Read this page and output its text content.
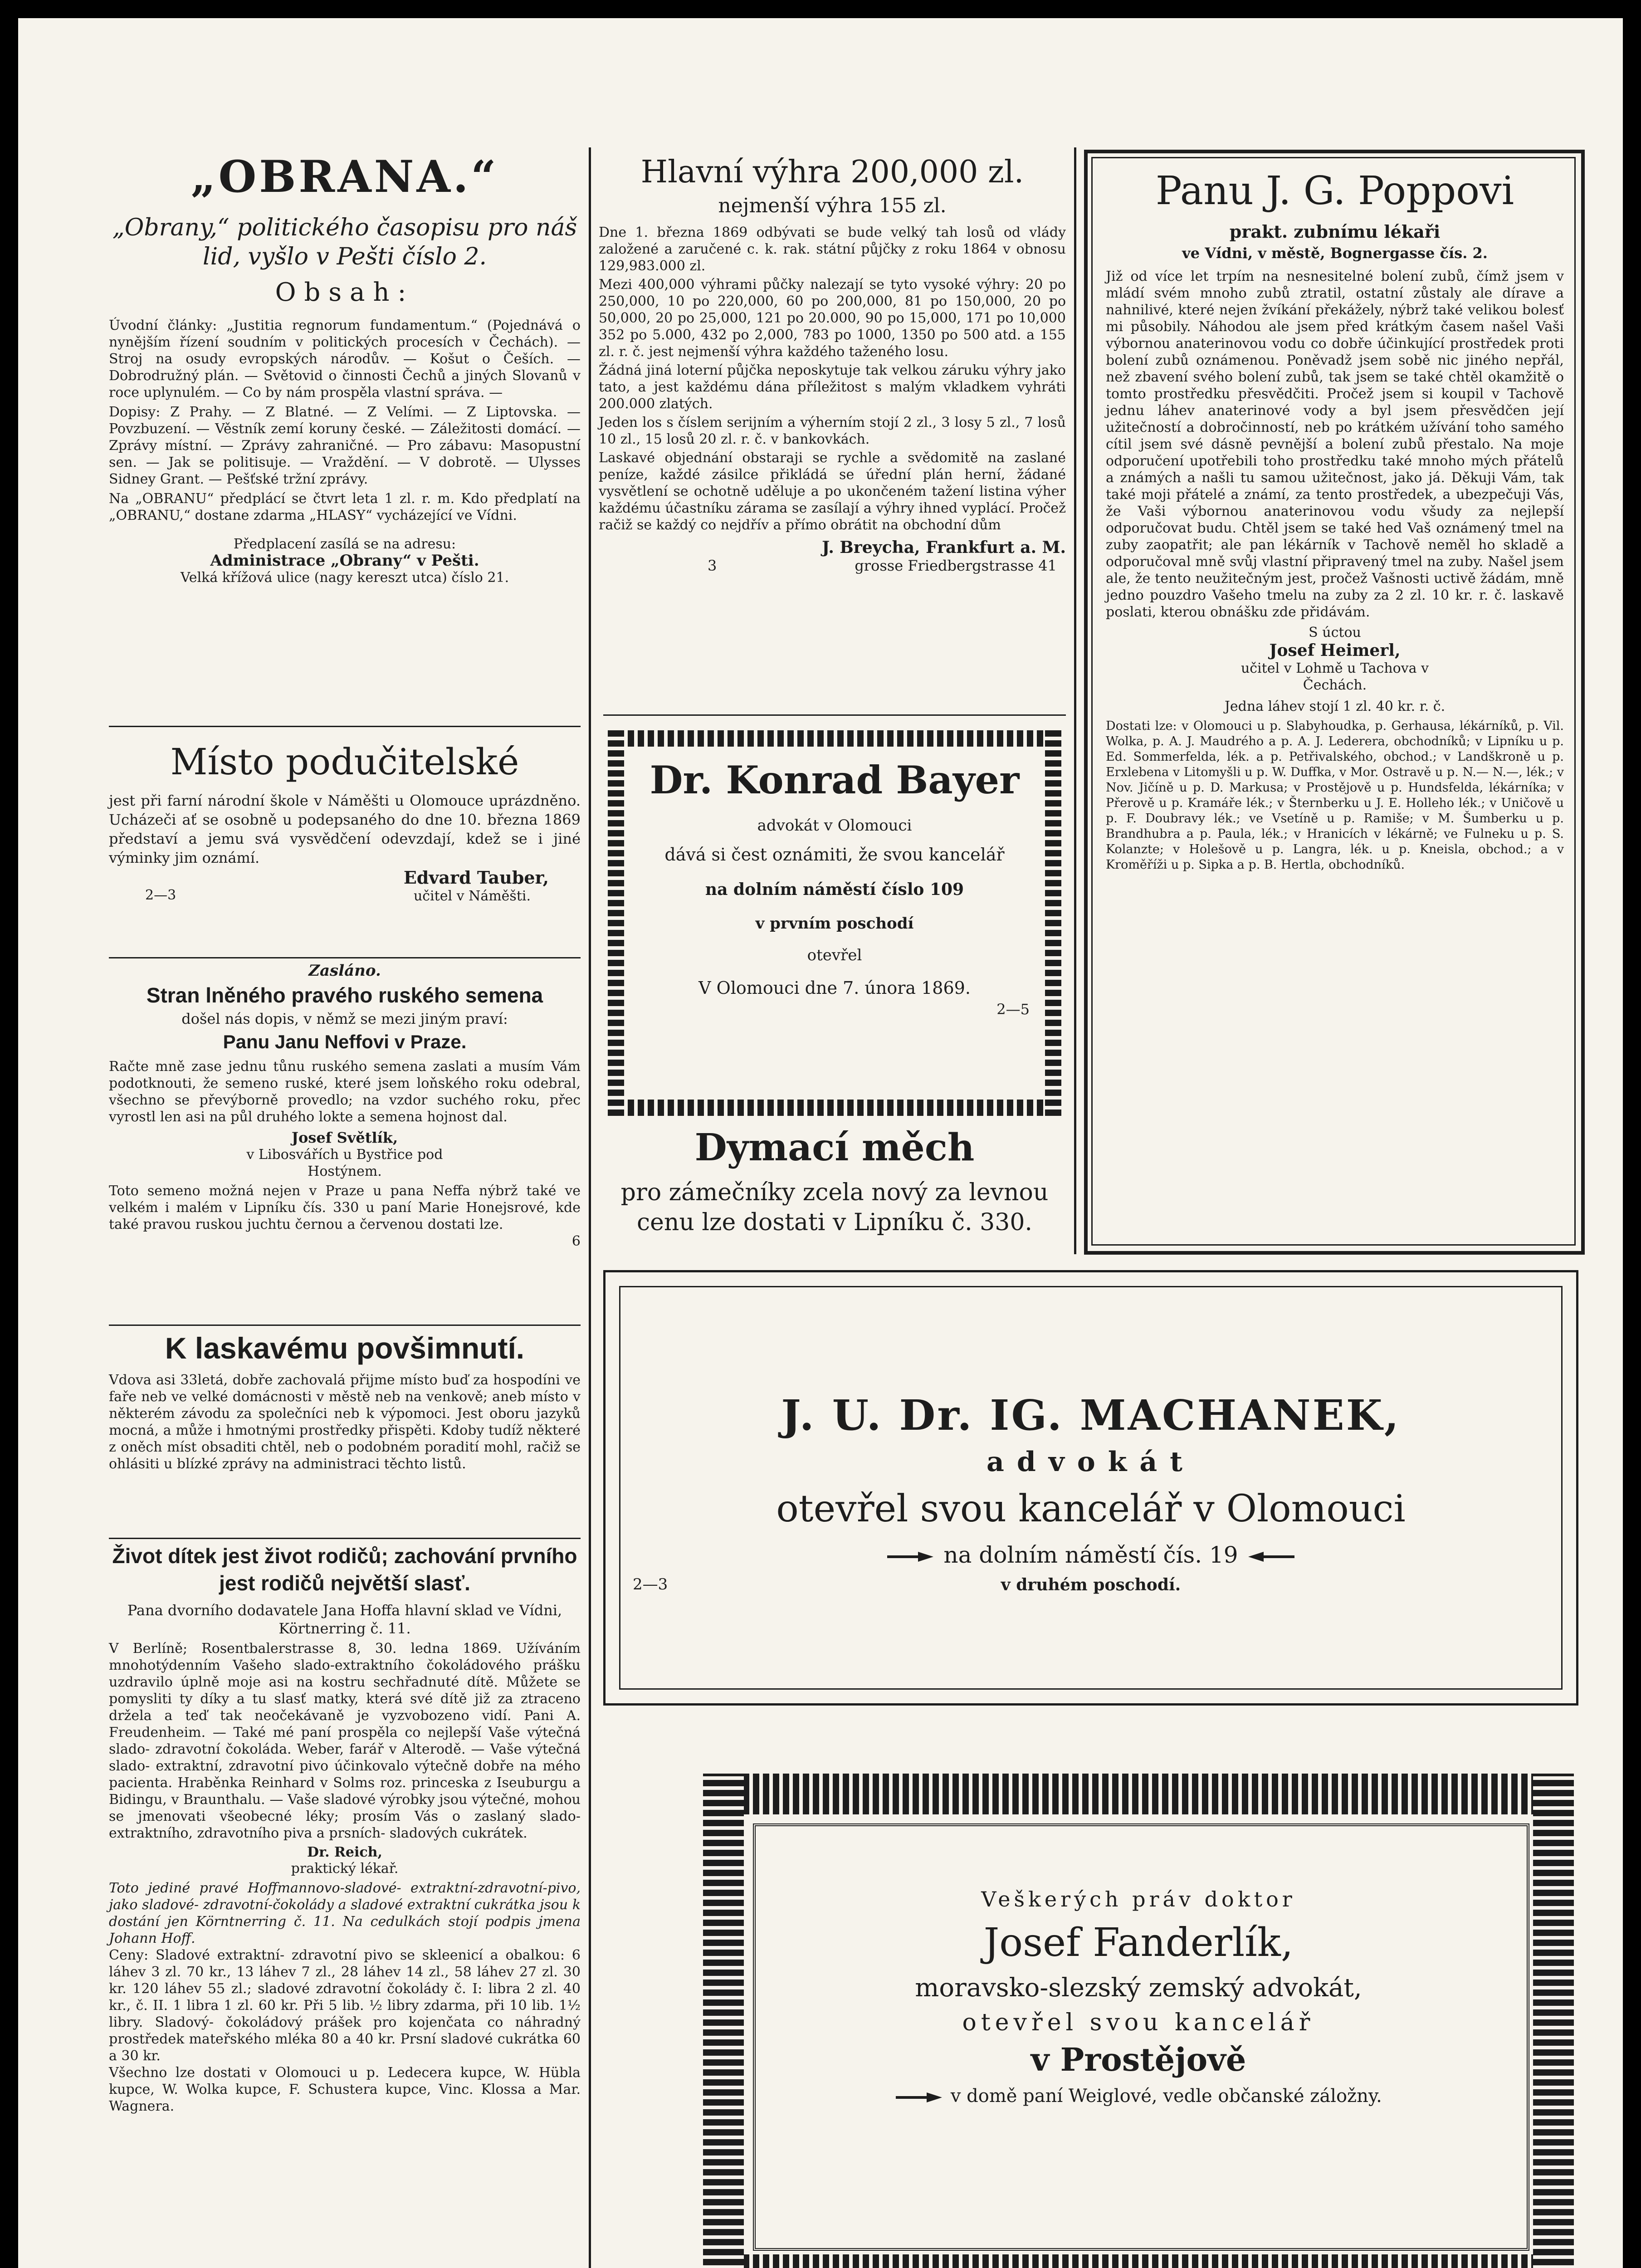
„OBRANA.“
„Obrany,“ politického časopisu pro náš lid, vyšlo v Pešti číslo 2.
Obsah:

Úvodní články: „Justitia regnorum fundamentum.“ (Pojednává o nynějším řízení soudním v politických procesích v Čechách). — Stroj na osudy evropských národův. — Košut o Češích. — Dobrodružný plán. — Světovid o činnosti Čechů a jiných Slovanů v roce uplynulém. — Co by nám prospěla vlastní správa. —

Dopisy: Z Prahy. — Z Blatné. — Z Velími. — Z Liptovska. — Povzbuzení. — Věstník zemí koruny české. — Záležitosti domácí. — Zprávy místní. — Zprávy zahraničné. — Pro zábavu: Masopustní sen. — Jak se politisuje. — Vraždění. — V dobrotě. — Ulysses Sidney Grant. — Pešťské tržní zprávy.

Na „OBRANU“ předplácí se čtvrt leta 1 zl. r. m. Kdo předplatí na „OBRANU,“ dostane zdarma „HLASY“ vycházející ve Vídni.

Předplacení zasílá se na adresu:

Administrace „Obrany“ v Pešti.

Velká křížová ulice (nagy kereszt utca) číslo 21.

Místo podučitelské

jest při farní národní škole v Náměšti u Olomouce uprázdněno. Ucházeči ať se osobně u podepsaného do dne 10. března 1869 představí a jemu svá vysvědčení odevzdají, kdež se i jiné výminky jim oznámí.

2—3
Edvard Tauber,
učitel v Náměšti.
Zasláno.
Stran lněného pravého ruského semena

došel nás dopis, v němž se mezi jiným praví:

Panu Janu Neffovi v Praze.

Račte mně zase jednu tůnu ruského semena zaslati a musím Vám podotknouti, že semeno ruské, které jsem loňského roku odebral, všechno se převýborně provedlo; na vzdor suchého roku, přec vyrostl len asi na půl druhého lokte a semena hojnost dal.

Josef Světlík,
v Libosvářích u Bystřice pod Hostýnem.

Toto semeno možná nejen v Praze u pana Neffa nýbrž také ve velkém i malém v Lipníku čís. 330 u paní Marie Honejsrové, kde také pravou ruskou juchtu černou a červenou dostati lze.

6
K laskavému povšimnutí.

Vdova asi 33letá, dobře zachovalá přijme místo buď za hospodíni ve faře neb ve velké domácnosti v městě neb na venkově; aneb místo v některém závodu za společníci neb k výpomoci. Jest oboru jazyků mocná, a může i hmotnými prostředky přispěti. Kdoby tudíž některé z oněch míst obsaditi chtěl, neb o podobném poradití mohl, račiž se ohlásiti u blízké zprávy na administraci těchto listů.

Život dítek jest život rodičů; zachování prvního jest rodičů největší slasť.

Pana dvorního dodavatele Jana Hoffa hlavní sklad ve Vídni, Körtnerring č. 11.

V Berlíně; Rosentbalerstrasse 8, 30. ledna 1869. Užíváním mnohotýdenním Vašeho slado-extraktního čokoládového prášku uzdravilo úplně moje asi na kostru sechřadnuté dítě. Můžete se pomysliti ty díky a tu slasť matky, která své dítě již za ztraceno držela a teď tak neočekávaně je vyzvobozeno vidí. Pani A. Freudenheim. — Také mé paní prospěla co nejlepší Vaše výtečná slado- zdravotní čokoláda. Weber, farář v Alterodě. — Vaše výtečná slado- extraktní, zdravotní pivo účinkovalo výtečně dobře na mého pacienta. Hraběnka Reinhard v Solms roz. princeska z Iseuburgu a Bidingu, v Braunthalu. — Vaše sladové výrobky jsou výtečné, mohou se jmenovati všeobecné léky; prosím Vás o zaslaný slado-extraktního, zdravotního piva a prsních- sladových cukrátek.

Dr. Reich,
praktický lékař.

Toto jediné pravé Hoffmannovo-sladové- extraktní-zdravotní-pivo, jako sladové- zdravotní-čokolády a sladové extraktní cukrátka jsou k dostání jen Körntnerring č. 11. Na cedulkách stojí podpis jmena Johann Hoff.

Ceny: Sladové extraktní- zdravotní pivo se skleenicí a obalkou: 6 láhev 3 zl. 70 kr., 13 láhev 7 zl., 28 láhev 14 zl., 58 láhev 27 zl. 30 kr. 120 láhev 55 zl.; sladové zdravotní čokolády č. I: libra 2 zl. 40 kr., č. II. 1 libra 1 zl. 60 kr. Při 5 lib. ½ libry zdarma, při 10 lib. 1½ libry. Sladový- čokoládový prášek pro kojenčata co náhradný prostředek mateřského mléka 80 a 40 kr. Prsní sladové cukrátka 60 a 30 kr.

Všechno lze dostati v Olomouci u p. Ledecera kupce, W. Hübla kupce, W. Wolka kupce, F. Schustera kupce, Vinc. Klossa a Mar. Wagnera.

Hlavní výhra 200,000 zl.
nejmenší výhra 155 zl.

Dne 1. března 1869 odbývati se bude velký tah losů od vlády založené a zaručené c. k. rak. státní půjčky z roku 1864 v obnosu 129,983.000 zl.

Mezi 400,000 výhrami půčky nalezají se tyto vysoké výhry: 20 po 250,000, 10 po 220,000, 60 po 200,000, 81 po 150,000, 20 po 50,000, 20 po 25,000, 121 po 20.000, 90 po 15,000, 171 po 10,000 352 po 5.000, 432 po 2,000, 783 po 1000, 1350 po 500 atd. a 155 zl. r. č. jest nejmenší výhra každého taženého losu.

Žádná jiná loterní půjčka neposkytuje tak velkou záruku výhry jako tato, a jest každému dána příležitost s malým vkladkem vyhráti 200.000 zlatých.

Jeden los s číslem serijním a výherním stojí 2 zl., 3 losy 5 zl., 7 losů 10 zl., 15 losů 20 zl. r. č. v bankovkách.

Laskavé objednání obstaraji se rychle a svědomitě na zaslané peníze, každé zásilce přikládá se úřední plán herní, žádané vysvětlení se ochotně uděluje a po ukončeném tažení listina výher každému účastníku zárama se zasílají a výhry ihned vyplácí. Pročež račiž se každý co nejdřív a přímo obrátit na obchodní dům

J. Breycha, Frankfurt a. M.
3	grosse Friedbergstrasse 41
Dr. Konrad Bayer
advokát v Olomouci
dává si čest oznámiti, že svou kancelář
na dolním náměstí číslo 109
v prvním poschodí
otevřel
V Olomouci dne 7. února 1869.
2—5
Dymací měch

pro zámečníky zcela nový za levnou cenu lze dostati v Lipníku č. 330.

Panu J. G. Poppovi
prakt. zubnímu lékaři
ve Vídni, v městě, Bognergasse čís. 2.

Již od více let trpím na nesnesitelné bolení zubů, čímž jsem v mládí svém mnoho zubů ztratil, ostatní zůstaly ale dírave a nahnilivé, které nejen žvíkání překážely, nýbrž také velikou bolesť mi působily. Náhodou ale jsem před krátkým časem našel Vaši výbornou anaterinovou vodu co dobře účinkující prostředek proti bolení zubů oznámenou. Poněvadž jsem sobě nic jiného nepřál, než zbavení svého bolení zubů, tak jsem se také chtěl okamžitě o tomto prostředku přesvědčiti. Pročež jsem si koupil v Tachově jednu láhev anaterinové vody a byl jsem přesvědčen její užitečností a dobročinností, neb po krátkém užívání toho samého cítil jsem své dásně pevnější a bolení zubů přestalo. Na moje odporučení upotřebili toho prostředku také mnoho mých přátelů a známých a našli tu samou užitečnost, jako já. Děkuji Vám, tak také moji přátelé a známí, za tento prostředek, a ubezpečuji Vás, že Vaši výbornou anaterinovou vodu všudy za nejlepší odporučovat budu. Chtěl jsem se také hed Vaš oznámený tmel na zuby zaopatřit; ale pan lékárník v Tachově neměl ho skladě a odporučoval mně svůj vlastní připravený tmel na zuby. Našel jsem ale, že tento neužitečným jest, pročež Vašnosti uctivě žádám, mně jedno pouzdro Vašeho tmelu na zuby za 2 zl. 10 kr. r. č. laskavě poslati, kterou obnášku zde přidávám.

S úctou
Josef Heimerl,
učitel v Lohmě u Tachova v Čechách.
Jedna láhev stojí 1 zl. 40 kr. r. č.

Dostati lze: v Olomouci u p. Slabyhoudka, p. Gerhausa, lékárníků, p. Vil. Wolka, p. A. J. Maudrého a p. A. J. Lederera, obchodníků; v Lipníku u p. Ed. Sommerfelda, lék. a p. Petřivalského, obchod.; v Landškroně u p. Erxlebena v Litomyšli u p. W. Duffka, v Mor. Ostravě u p. N.— N.—, lék.; v Nov. Jičíně u p. D. Markusa; v Prostějově u p. Hundsfelda, lékárníka; v Přerově u p. Kramáře lék.; v Šternberku u J. E. Holleho lék.; v Uničově u p. F. Doubravy lék.; ve Vsetíně u p. Ramiše; v M. Šumberku u p. Brandhubra a p. Paula, lék.; v Hranicích v lékárně; ve Fulneku u p. S. Kolanzte; v Holešově u p. Langra, lék. u p. Kneisla, obchod.; a v Kroměříži u p. Sipka a p. B. Hertla, obchodníků.

J. U. Dr. IG. MACHANEK,
advokát
otevřel svou kancelář v Olomouci
na dolním náměstí čís. 19
2—3	v druhém poschodí.
Veškerých práv doktor
Josef Fanderlík,
moravsko-slezský zemský advokát,
otevřel svou kancelář
v Prostějově
v domě paní Weiglové, vedle občanské záložny.
